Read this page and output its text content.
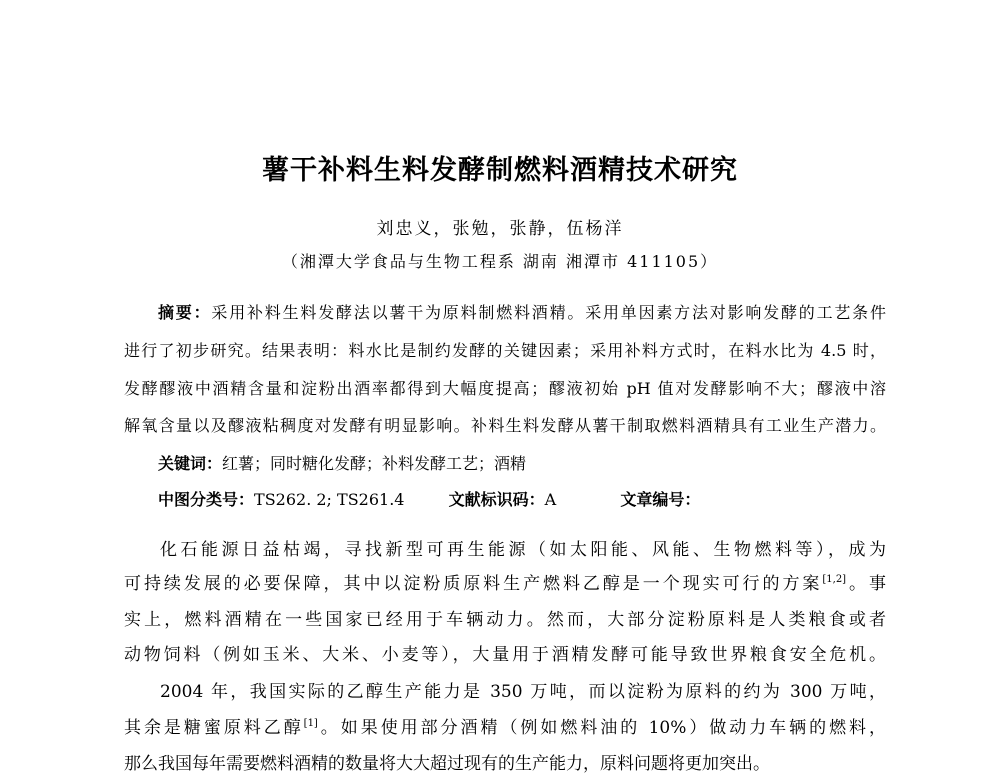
薯干补料生料发酵制燃料酒精技术研究
刘忠义，张勉，张静，伍杨洋
（湘潭大学食品与生物工程系 湖南 湘潭市 411105）
摘要：采用补料生料发酵法以薯干为原料制燃料酒精。采用单因素方法对影响发酵的工艺条件
进行了初步研究。结果表明：料水比是制约发酵的关键因素；采用补料方式时，在料水比为 4.5 时，
发酵醪液中酒精含量和淀粉出酒率都得到大幅度提高；醪液初始 pH 值对发酵影响不大；醪液中溶
解氧含量以及醪液粘稠度对发酵有明显影响。补料生料发酵从薯干制取燃料酒精具有工业生产潜力。
关键词：红薯；同时糖化发酵；补料发酵工艺；酒精
中图分类号：TS262. 2; TS261.4	文献标识码：A	文章编号：
化石能源日益枯竭，寻找新型可再生能源（如太阳能、风能、生物燃料等），成为
可持续发展的必要保障，其中以淀粉质原料生产燃料乙醇是一个现实可行的方案[1,2]。事
实上，燃料酒精在一些国家已经用于车辆动力。然而，大部分淀粉原料是人类粮食或者
动物饲料（例如玉米、大米、小麦等），大量用于酒精发酵可能导致世界粮食安全危机。
2004 年，我国实际的乙醇生产能力是 350 万吨，而以淀粉为原料的约为 300 万吨，
其余是糖蜜原料乙醇[1]。如果使用部分酒精（例如燃料油的 10%）做动力车辆的燃料，
那么我国每年需要燃料酒精的数量将大大超过现有的生产能力，原料问题将更加突出。
